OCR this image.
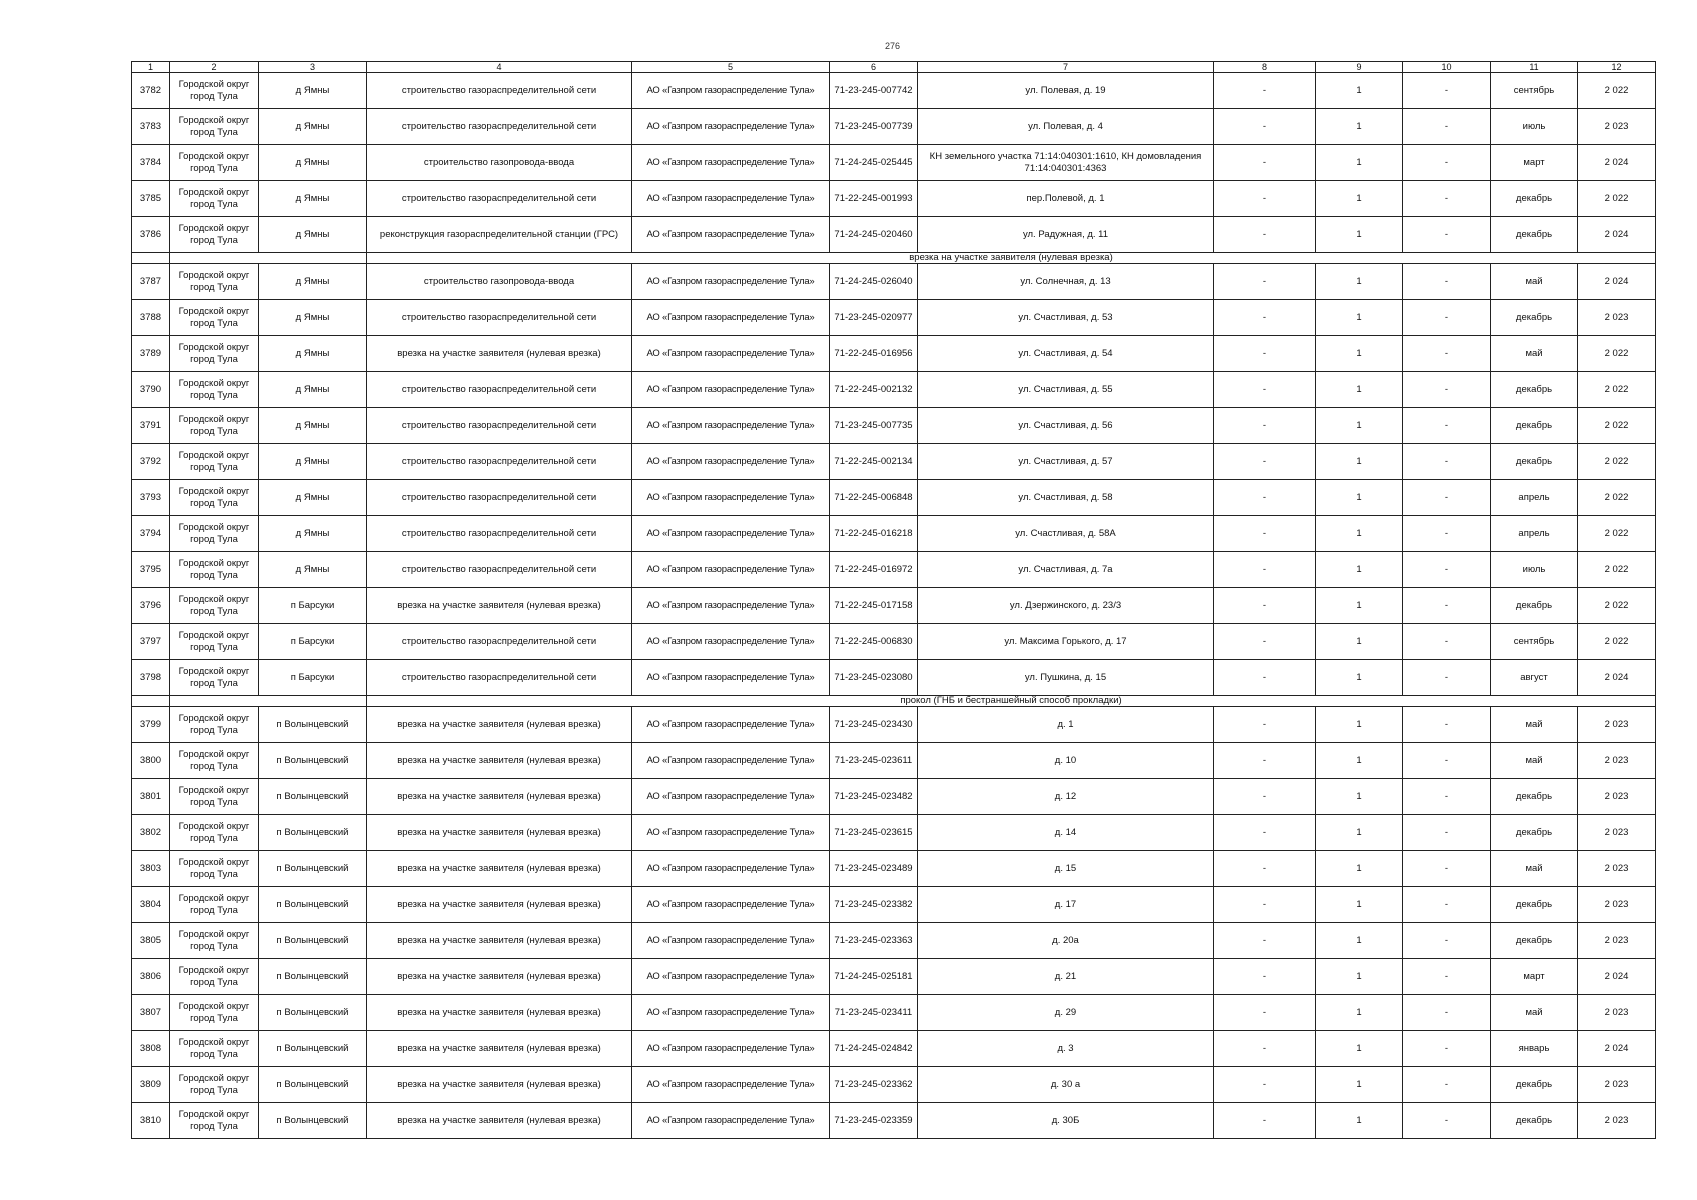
276
1	2	3	4	5	6	7	8	9	10	11	12
3782	Городской округ город Тула	д Ямны	строительство газораспределительной сети	АО «Газпром газораспределение Тула»	71-23-245-007742	ул. Полевая, д. 19	-	1	-	сентябрь	2 022
3783	Городской округ город Тула	д Ямны	строительство газораспределительной сети	АО «Газпром газораспределение Тула»	71-23-245-007739	ул. Полевая, д. 4	-	1	-	июль	2 023
3784	Городской округ город Тула	д Ямны	строительство газопровода-ввода	АО «Газпром газораспределение Тула»	71-24-245-025445	КН земельного участка 71:14:040301:1610, КН домовладения 71:14:040301:4363	-	1	-	март	2 024
3785	Городской округ город Тула	д Ямны	строительство газораспределительной сети	АО «Газпром газораспределение Тула»	71-22-245-001993	пер.Полевой, д. 1	-	1	-	декабрь	2 022
3786	Городской округ город Тула	д Ямны	реконструкция газораспределительной станции (ГРС)	АО «Газпром газораспределение Тула»	71-24-245-020460	ул. Радужная, д. 11	-	1	-	декабрь	2 024
			врезка на участке заявителя (нулевая врезка)								
3787	Городской округ город Тула	д Ямны	строительство газопровода-ввода	АО «Газпром газораспределение Тула»	71-24-245-026040	ул. Солнечная, д. 13	-	1	-	май	2 024
3788	Городской округ город Тула	д Ямны	строительство газораспределительной сети	АО «Газпром газораспределение Тула»	71-23-245-020977	ул. Счастливая, д. 53	-	1	-	декабрь	2 023
3789	Городской округ город Тула	д Ямны	врезка на участке заявителя (нулевая врезка)	АО «Газпром газораспределение Тула»	71-22-245-016956	ул. Счастливая, д. 54	-	1	-	май	2 022
3790	Городской округ город Тула	д Ямны	строительство газораспределительной сети	АО «Газпром газораспределение Тула»	71-22-245-002132	ул. Счастливая, д. 55	-	1	-	декабрь	2 022
3791	Городской округ город Тула	д Ямны	строительство газораспределительной сети	АО «Газпром газораспределение Тула»	71-23-245-007735	ул. Счастливая, д. 56	-	1	-	декабрь	2 022
3792	Городской округ город Тула	д Ямны	строительство газораспределительной сети	АО «Газпром газораспределение Тула»	71-22-245-002134	ул. Счастливая, д. 57	-	1	-	декабрь	2 022
3793	Городской округ город Тула	д Ямны	строительство газораспределительной сети	АО «Газпром газораспределение Тула»	71-22-245-006848	ул. Счастливая, д. 58	-	1	-	апрель	2 022
3794	Городской округ город Тула	д Ямны	строительство газораспределительной сети	АО «Газпром газораспределение Тула»	71-22-245-016218	ул. Счастливая, д. 58А	-	1	-	апрель	2 022
3795	Городской округ город Тула	д Ямны	строительство газораспределительной сети	АО «Газпром газораспределение Тула»	71-22-245-016972	ул. Счастливая, д. 7а	-	1	-	июль	2 022
3796	Городской округ город Тула	п Барсуки	врезка на участке заявителя (нулевая врезка)	АО «Газпром газораспределение Тула»	71-22-245-017158	ул. Дзержинского, д. 23/3	-	1	-	декабрь	2 022
3797	Городской округ город Тула	п Барсуки	строительство газораспределительной сети	АО «Газпром газораспределение Тула»	71-22-245-006830	ул. Максима Горького, д. 17	-	1	-	сентябрь	2 022
3798	Городской округ город Тула	п Барсуки	строительство газораспределительной сети	АО «Газпром газораспределение Тула»	71-23-245-023080	ул. Пушкина, д. 15	-	1	-	август	2 024
			прокол (ГНБ и бестраншейный способ прокладки)								
3799	Городской округ город Тула	п Волынцевский	врезка на участке заявителя (нулевая врезка)	АО «Газпром газораспределение Тула»	71-23-245-023430	д. 1	-	1	-	май	2 023
3800	Городской округ город Тула	п Волынцевский	врезка на участке заявителя (нулевая врезка)	АО «Газпром газораспределение Тула»	71-23-245-023611	д. 10	-	1	-	май	2 023
3801	Городской округ город Тула	п Волынцевский	врезка на участке заявителя (нулевая врезка)	АО «Газпром газораспределение Тула»	71-23-245-023482	д. 12	-	1	-	декабрь	2 023
3802	Городской округ город Тула	п Волынцевский	врезка на участке заявителя (нулевая врезка)	АО «Газпром газораспределение Тула»	71-23-245-023615	д. 14	-	1	-	декабрь	2 023
3803	Городской округ город Тула	п Волынцевский	врезка на участке заявителя (нулевая врезка)	АО «Газпром газораспределение Тула»	71-23-245-023489	д. 15	-	1	-	май	2 023
3804	Городской округ город Тула	п Волынцевский	врезка на участке заявителя (нулевая врезка)	АО «Газпром газораспределение Тула»	71-23-245-023382	д. 17	-	1	-	декабрь	2 023
3805	Городской округ город Тула	п Волынцевский	врезка на участке заявителя (нулевая врезка)	АО «Газпром газораспределение Тула»	71-23-245-023363	д. 20а	-	1	-	декабрь	2 023
3806	Городской округ город Тула	п Волынцевский	врезка на участке заявителя (нулевая врезка)	АО «Газпром газораспределение Тула»	71-24-245-025181	д. 21	-	1	-	март	2 024
3807	Городской округ город Тула	п Волынцевский	врезка на участке заявителя (нулевая врезка)	АО «Газпром газораспределение Тула»	71-23-245-023411	д. 29	-	1	-	май	2 023
3808	Городской округ город Тула	п Волынцевский	врезка на участке заявителя (нулевая врезка)	АО «Газпром газораспределение Тула»	71-24-245-024842	д. 3	-	1	-	январь	2 024
3809	Городской округ город Тула	п Волынцевский	врезка на участке заявителя (нулевая врезка)	АО «Газпром газораспределение Тула»	71-23-245-023362	д. 30 а	-	1	-	декабрь	2 023
3810	Городской округ город Тула	п Волынцевский	врезка на участке заявителя (нулевая врезка)	АО «Газпром газораспределение Тула»	71-23-245-023359	д. 30Б	-	1	-	декабрь	2 023
